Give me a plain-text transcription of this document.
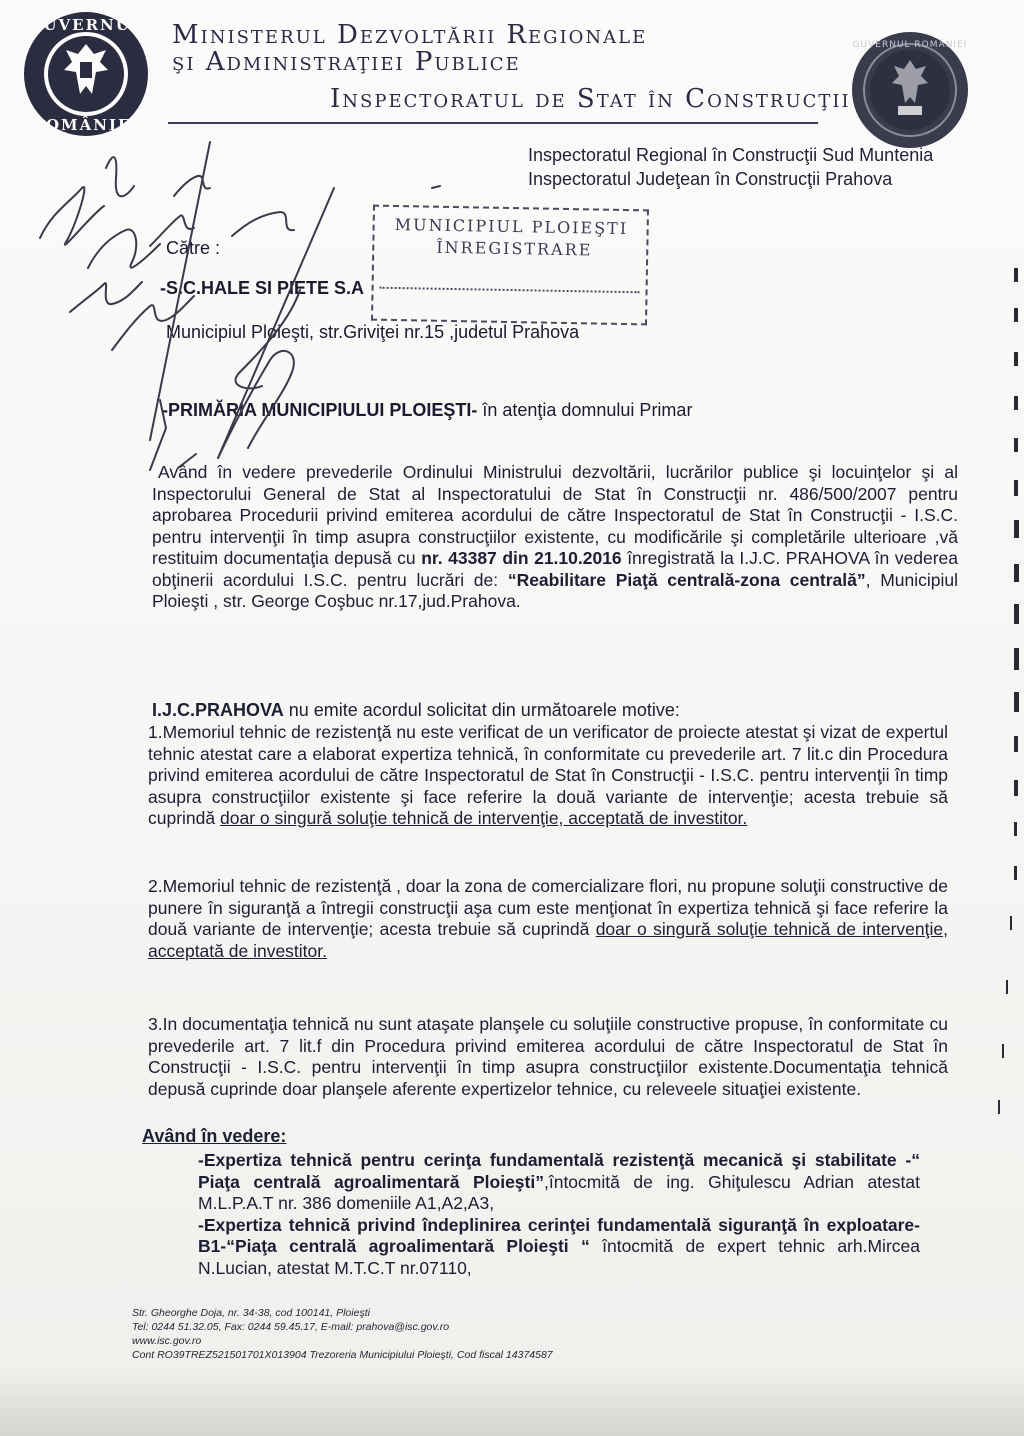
GUVERNUL
ROMÂNIEI
GUVERNUL ROMÂNIEI
Ministerul Dezvoltării Regionale
şi Administraţiei Publice
Inspectoratul de Stat în Construcţii
Inspectoratul Regional în Construcţii Sud Muntenia
Inspectoratul Judeţean în Construcţii Prahova
MUNICIPIUL PLOIEŞTI
ÎNREGISTRARE
Către :
-S.C.HALE SI PIETE S.A
Municipiul Ploieşti, str.Griviţei nr.15 ,judetul Prahova
-PRIMĂRIA MUNICIPIULUI PLOIEŞTI- în atenţia domnului Primar
Având în vedere prevederile Ordinului Ministrului dezvoltării, lucrărilor publice şi locuinţelor şi al Inspectorului General de Stat al Inspectoratului de Stat în Construcţii nr. 486/500/2007 pentru aprobarea Procedurii privind emiterea acordului de către Inspectoratul de Stat în Construcţii - I.S.C. pentru intervenţii în timp asupra construcţiilor existente, cu modificările şi completările ulterioare ,vă restituim documentaţia depusă cu nr. 43387 din 21.10.2016 înregistrată la I.J.C. PRAHOVA în vederea obţinerii acordului I.S.C. pentru lucrări de: “Reabilitare Piaţă centrală-zona centrală”, Municipiul Ploieşti , str. George Coşbuc nr.17,jud.Prahova.
I.J.C.PRAHOVA nu emite acordul solicitat din următoarele motive:
1.Memoriul tehnic de rezistenţă nu este verificat de un verificator de proiecte atestat şi vizat de expertul tehnic atestat care a elaborat expertiza tehnică, în conformitate cu prevederile art. 7 lit.c din Procedura privind emiterea acordului de către Inspectoratul de Stat în Construcţii - I.S.C. pentru intervenţii în timp asupra construcţiilor existente şi face referire la două variante de intervenţie; acesta trebuie să cuprindă doar o singură soluţie tehnică de intervenţie, acceptată de investitor.
2.Memoriul tehnic de rezistenţă , doar la zona de comercializare flori, nu propune soluţii constructive de punere în siguranţă a întregii construcţii aşa cum este menţionat în expertiza tehnică şi face referire la două variante de intervenţie; acesta trebuie să cuprindă doar o singură soluţie tehnică de intervenţie, acceptată de investitor.
3.In documentaţia tehnică nu sunt ataşate planşele cu soluţiile constructive propuse, în conformitate cu prevederile art. 7 lit.f din Procedura privind emiterea acordului de către Inspectoratul de Stat în Construcţii - I.S.C. pentru intervenţii în timp asupra construcţiilor existente.Documentaţia tehnică depusă cuprinde doar planşele aferente expertizelor tehnice, cu releveele situaţiei existente.
Având în vedere:

-Expertiza tehnică pentru cerinţa fundamentală rezistenţă mecanică şi stabilitate -“ Piaţa centrală agroalimentară Ploieşti”,întocmită de ing. Ghiţulescu Adrian atestat M.L.P.A.T nr. 386 domeniile A1,A2,A3,

-Expertiza tehnică privind îndeplinirea cerinţei fundamentală siguranţă în exploatare-B1-“Piaţa centrală agroalimentară Ploieşti “ întocmită de expert tehnic arh.Mircea N.Lucian, atestat M.T.C.T nr.07110,

Str. Gheorghe Doja, nr. 34-38, cod 100141, Ploieşti
Tel: 0244 51.32.05, Fax: 0244 59.45.17, E-mail: prahova@isc.gov.ro
www.isc.gov.ro
Cont RO39TREZ521501701X013904 Trezoreria Municipiului Ploieşti, Cod fiscal 14374587
